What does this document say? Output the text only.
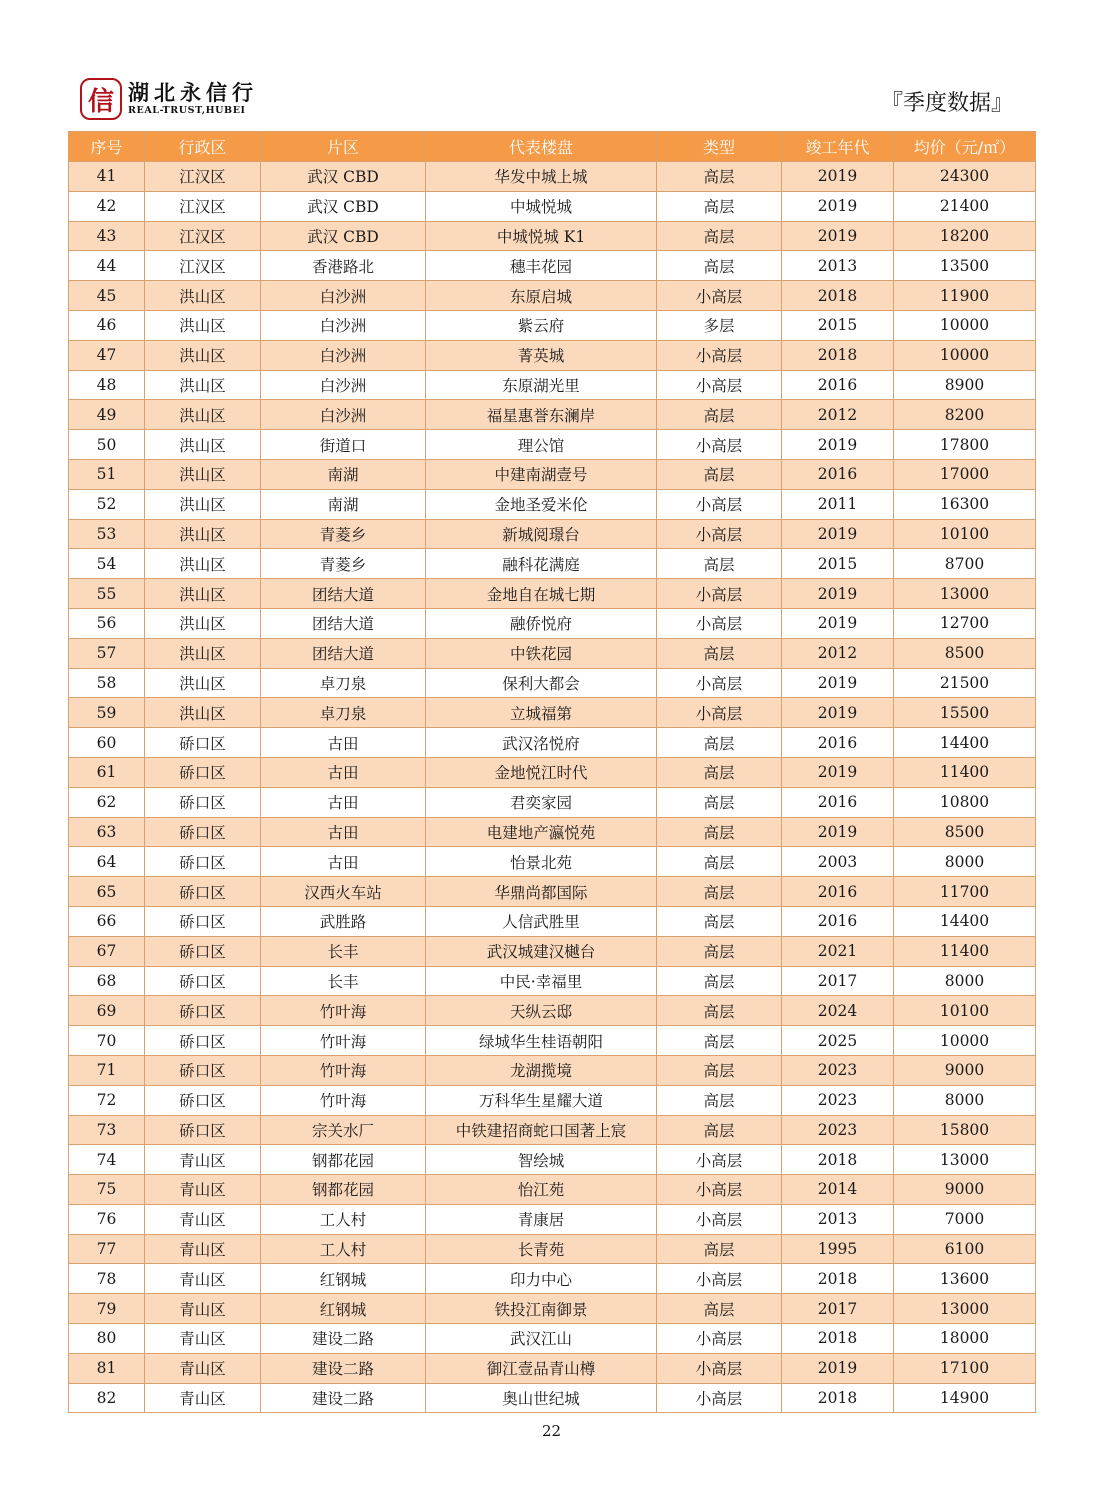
信 湖北永信行
REAL-TRUST,HUBEI	『季度数据』
序号	行政区	片区	代表楼盘	类型	竣工年代	均价（元/㎡）
41	江汉区	武汉 CBD	华发中城上城	高层	2019	24300
42	江汉区	武汉 CBD	中城悦城	高层	2019	21400
43	江汉区	武汉 CBD	中城悦城 K1	高层	2019	18200
44	江汉区	香港路北	穗丰花园	高层	2013	13500
45	洪山区	白沙洲	东原启城	小高层	2018	11900
46	洪山区	白沙洲	紫云府	多层	2015	10000
47	洪山区	白沙洲	菁英城	小高层	2018	10000
48	洪山区	白沙洲	东原湖光里	小高层	2016	8900
49	洪山区	白沙洲	福星惠誉东澜岸	高层	2012	8200
50	洪山区	街道口	理公馆	小高层	2019	17800
51	洪山区	南湖	中建南湖壹号	高层	2016	17000
52	洪山区	南湖	金地圣爱米伦	小高层	2011	16300
53	洪山区	青菱乡	新城阅璟台	小高层	2019	10100
54	洪山区	青菱乡	融科花满庭	高层	2015	8700
55	洪山区	团结大道	金地自在城七期	小高层	2019	13000
56	洪山区	团结大道	融侨悦府	小高层	2019	12700
57	洪山区	团结大道	中铁花园	高层	2012	8500
58	洪山区	卓刀泉	保利大都会	小高层	2019	21500
59	洪山区	卓刀泉	立城福第	小高层	2019	15500
60	硚口区	古田	武汉洺悦府	高层	2016	14400
61	硚口区	古田	金地悦江时代	高层	2019	11400
62	硚口区	古田	君奕家园	高层	2016	10800
63	硚口区	古田	电建地产瀛悦苑	高层	2019	8500
64	硚口区	古田	怡景北苑	高层	2003	8000
65	硚口区	汉西火车站	华鼎尚都国际	高层	2016	11700
66	硚口区	武胜路	人信武胜里	高层	2016	14400
67	硚口区	长丰	武汉城建汉樾台	高层	2021	11400
68	硚口区	长丰	中民·幸福里	高层	2017	8000
69	硚口区	竹叶海	天纵云邸	高层	2024	10100
70	硚口区	竹叶海	绿城华生桂语朝阳	高层	2025	10000
71	硚口区	竹叶海	龙湖揽境	高层	2023	9000
72	硚口区	竹叶海	万科华生星耀大道	高层	2023	8000
73	硚口区	宗关水厂	中铁建招商蛇口国著上宸	高层	2023	15800
74	青山区	钢都花园	智绘城	小高层	2018	13000
75	青山区	钢都花园	怡江苑	小高层	2014	9000
76	青山区	工人村	青康居	小高层	2013	7000
77	青山区	工人村	长青苑	高层	1995	6100
78	青山区	红钢城	印力中心	小高层	2018	13600
79	青山区	红钢城	铁投江南御景	高层	2017	13000
80	青山区	建设二路	武汉江山	小高层	2018	18000
81	青山区	建设二路	御江壹品青山樽	小高层	2019	17100
82	青山区	建设二路	奥山世纪城	小高层	2018	14900
22
